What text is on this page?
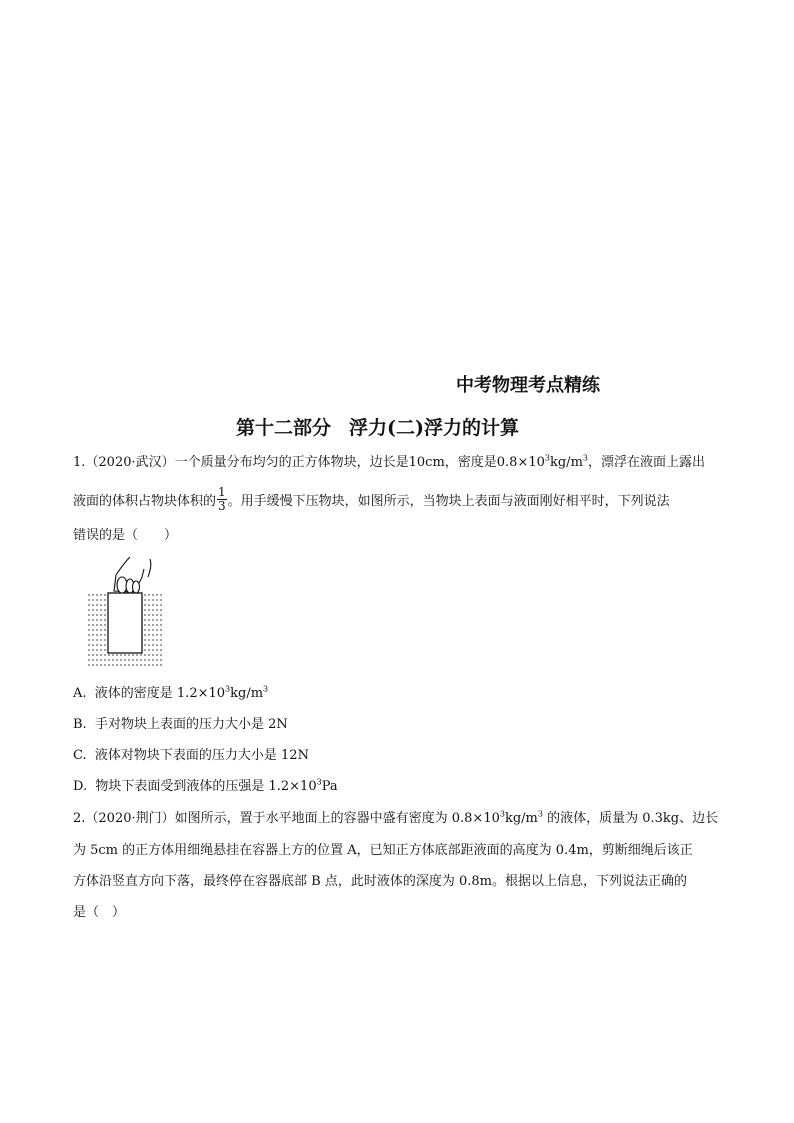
中考物理考点精练
第十二部分 浮力(二)浮力的计算
1.（2020·武汉）一个质量分布均匀的正方体物块，边长是10cm，密度是$0.8\times 10^3kg/m^3$，漂浮在液面上露出
液面的体积占物块体积的 $\frac{1}{3}$ 。用手缓慢下压物块，如图所示，当物块上表面与液面刚好相平时，下列说法
错误的是（　　）
A. 液体的密度是 $1.2\times 10^3kg/m^3$
B. 手对物块上表面的压力大小是 2N
C. 液体对物块下表面的压力大小是 12N
D. 物块下表面受到液体的压强是 $1.2\times 10^3Pa$
2.（2020·荆门）如图所示，置于水平地面上的容器中盛有密度为 $0.8\times 10^3kg/m^3$ 的液体，质量为 0.3kg、边长
为 5cm 的正方体用细绳悬挂在容器上方的位置 A，已知正方体底部距液面的高度为 0.4m，剪断细绳后该正
方体沿竖直方向下落，最终停在容器底部 B 点，此时液体的深度为 0.8m。根据以上信息，下列说法正确的
是（　）
